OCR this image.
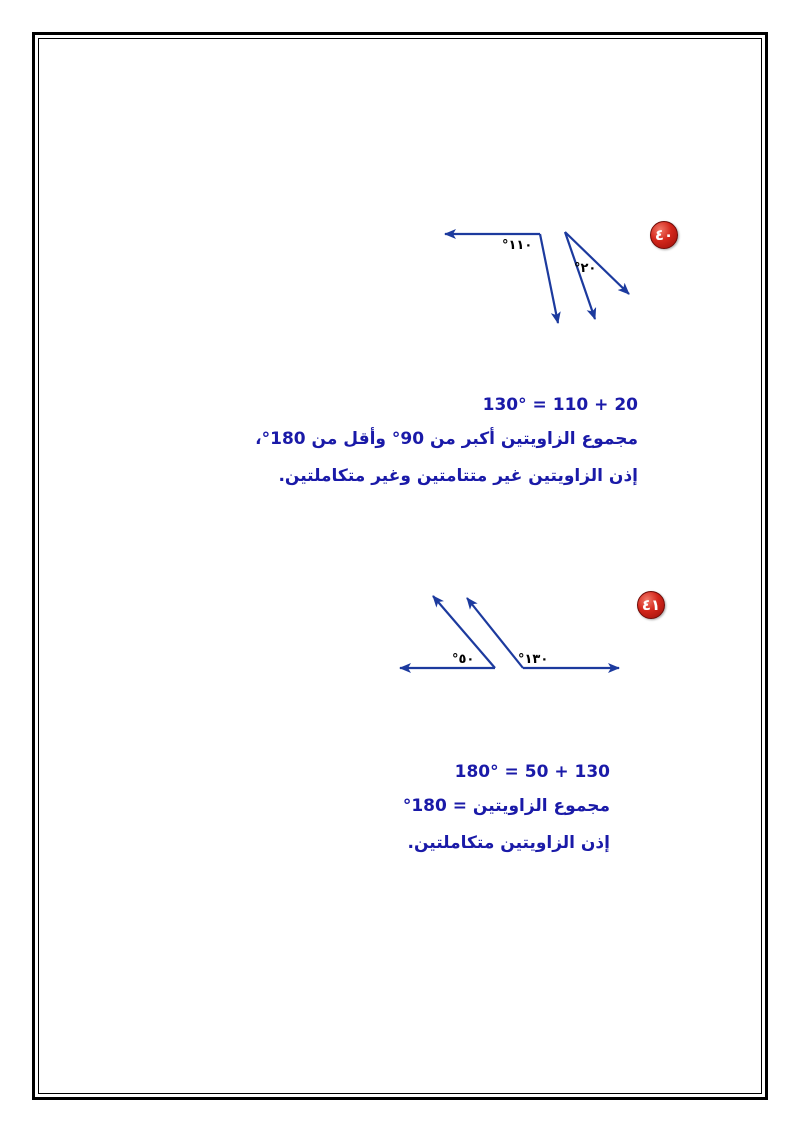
٤٠
°١١٠
°٢٠
20 + 110 = 130°
مجموع الزاويتين أكبر من 90° وأقل من 180°،
إذن الزاويتين غير متتامتين وغير متكاملتين.
٤١
°٥٠	°١٣٠
130 + 50 = 180°
مجموع الزاويتين = 180°
إذن الزاويتين متكاملتين.
